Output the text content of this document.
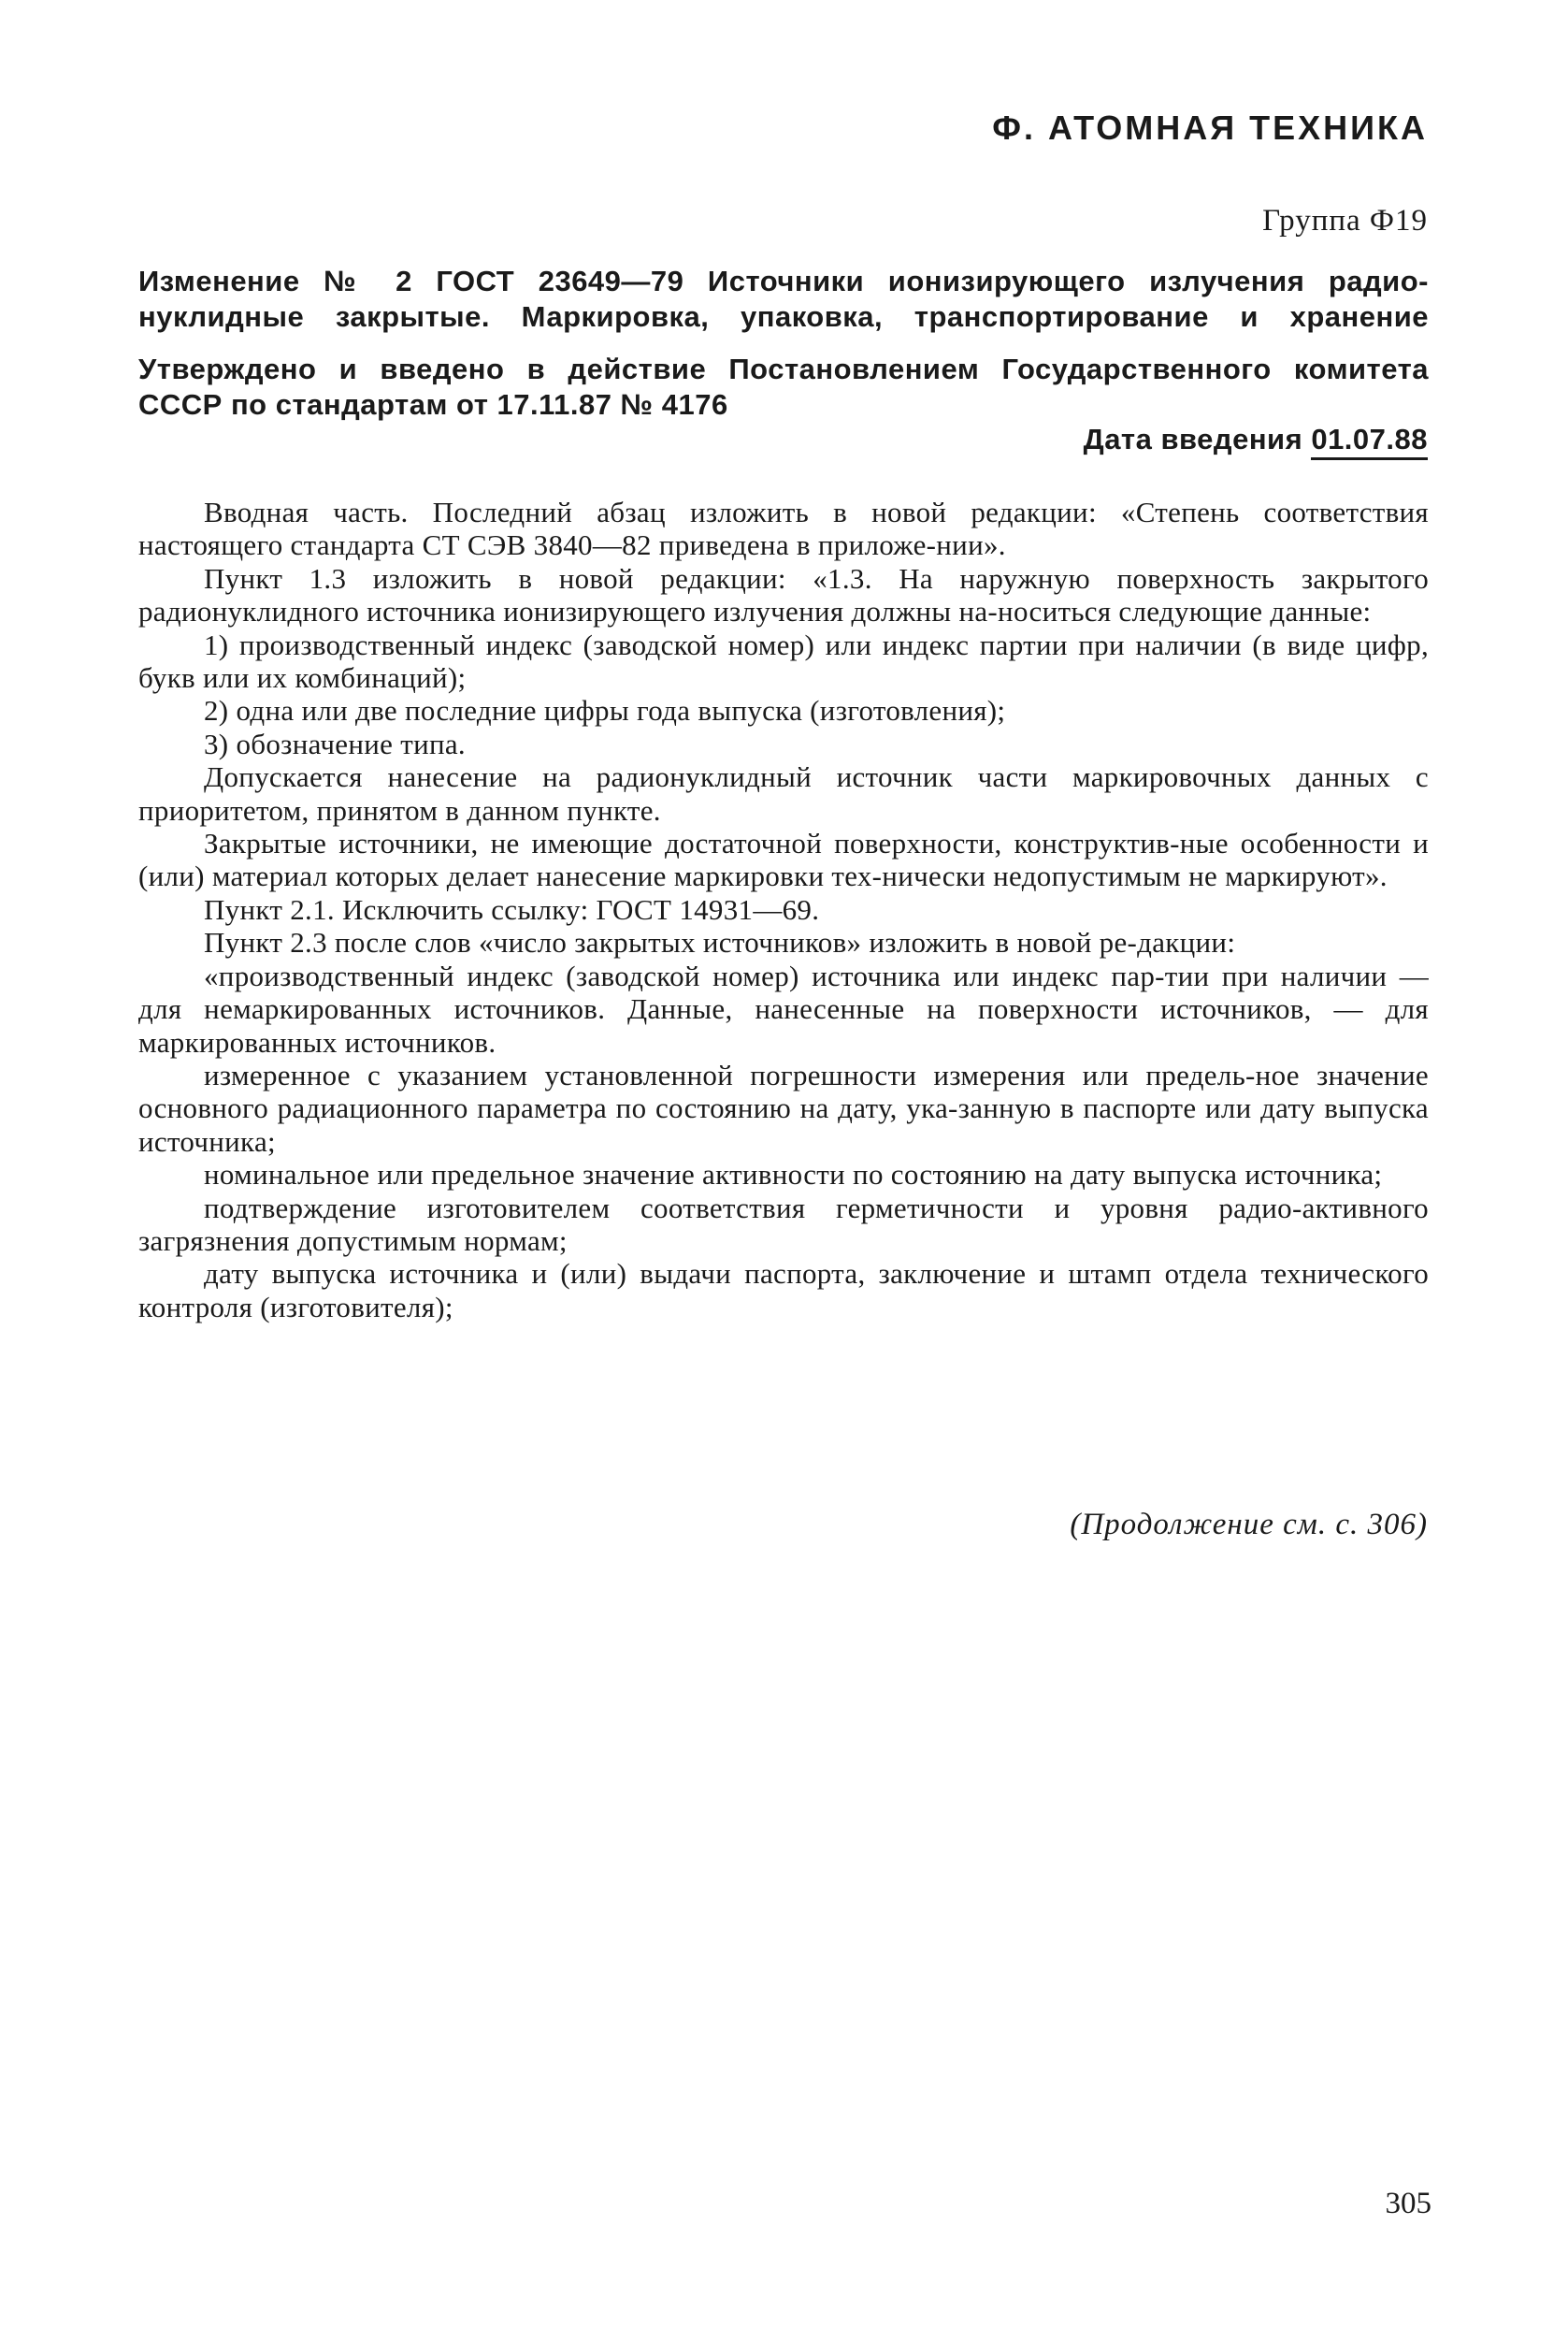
Ф. АТОМНАЯ ТЕХНИКА
Группа Ф19
Изменение № 2 ГОСТ 23649—79 Источники ионизирующего излучения радио-
нуклидные закрытые. Маркировка, упаковка, транспортирование и хранение
Утверждено и введено в действие Постановлением Государственного комитета
СССР по стандартам от 17.11.87 № 4176
Дата введения 01.07.88

Вводная часть. Последний абзац изложить в новой редакции: «Степень соответствия настоящего стандарта СТ СЭВ 3840—82 приведена в приложе-нии».

Пункт 1.3 изложить в новой редакции: «1.3. На наружную поверхность закрытого радионуклидного источника ионизирующего излучения должны на-носиться следующие данные:

1) производственный индекс (заводской номер) или индекс партии при наличии (в виде цифр, букв или их комбинаций);

2) одна или две последние цифры года выпуска (изготовления);

3) обозначение типа.

Допускается нанесение на радионуклидный источник части маркировочных данных с приоритетом, принятом в данном пункте.

Закрытые источники, не имеющие достаточной поверхности, конструктив-ные особенности и (или) материал которых делает нанесение маркировки тех-нически недопустимым не маркируют».

Пункт 2.1. Исключить ссылку: ГОСТ 14931—69.

Пункт 2.3 после слов «число закрытых источников» изложить в новой ре-дакции:

«производственный индекс (заводской номер) источника или индекс пар-тии при наличии — для немаркированных источников. Данные, нанесенные на поверхности источников, — для маркированных источников.

измеренное с указанием установленной погрешности измерения или предель-ное значение основного радиационного параметра по состоянию на дату, ука-занную в паспорте или дату выпуска источника;

номинальное или предельное значение активности по состоянию на дату выпуска источника;

подтверждение изготовителем соответствия герметичности и уровня радио-активного загрязнения допустимым нормам;

дату выпуска источника и (или) выдачи паспорта, заключение и штамп отдела технического контроля (изготовителя);

(Продолжение см. с. 306)
305
